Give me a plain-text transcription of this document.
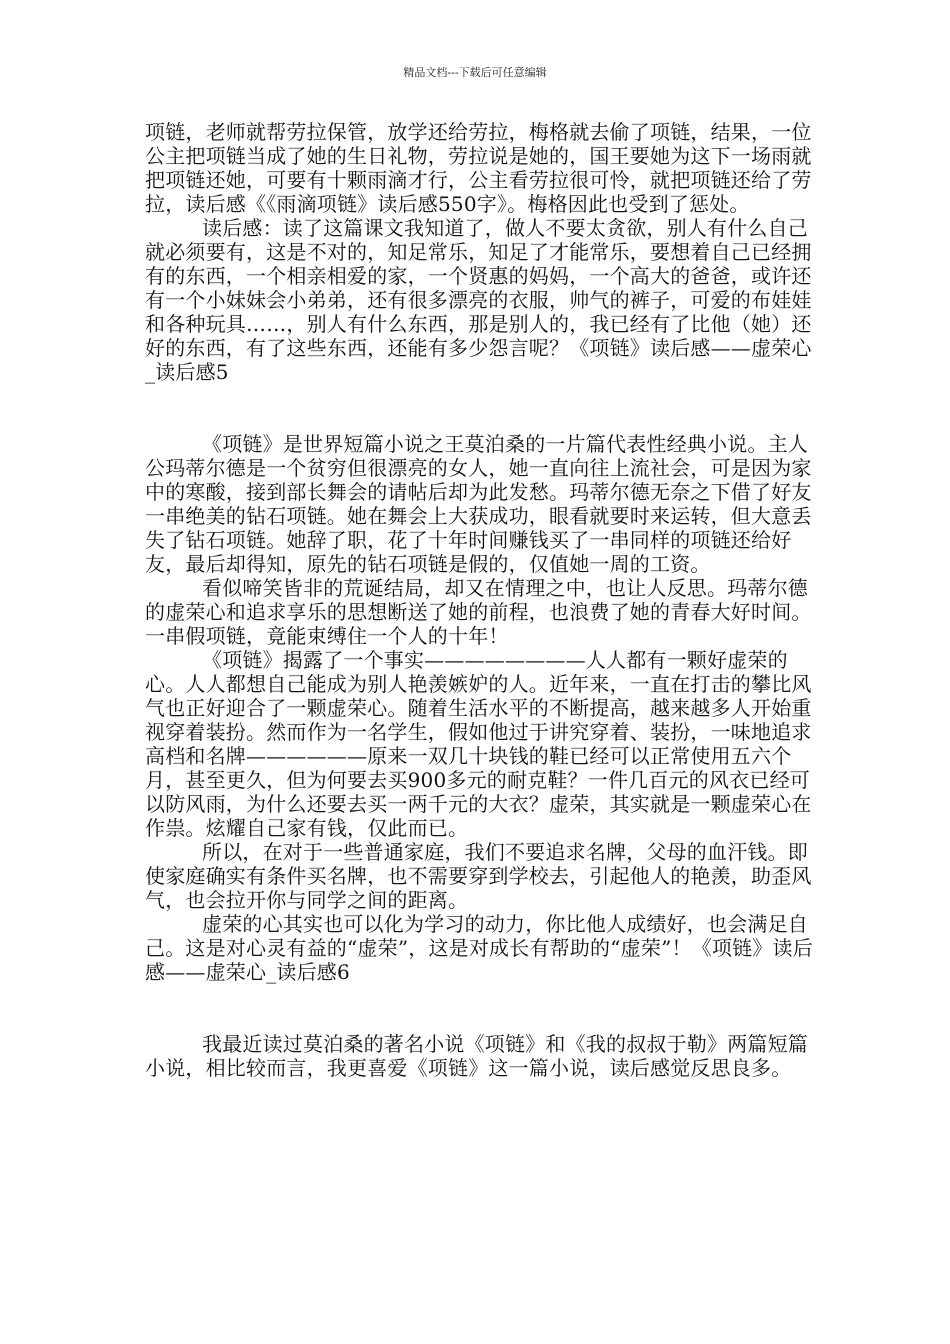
精品文档---下载后可任意编辑

项链，老师就帮劳拉保管，放学还给劳拉，梅格就去偷了项链，结果，一位公主把项链当成了她的生日礼物，劳拉说是她的，国王要她为这下一场雨就把项链还她，可要有十颗雨滴才行，公主看劳拉很可怜，就把项链还给了劳拉，读后感《《雨滴项链》读后感550字》。梅格因此也受到了惩处。

读后感：读了这篇课文我知道了，做人不要太贪欲，别人有什么自己就必须要有，这是不对的，知足常乐，知足了才能常乐，要想着自己已经拥有的东西，一个相亲相爱的家，一个贤惠的妈妈，一个高大的爸爸，或许还有一个小妹妹会小弟弟，还有很多漂亮的衣服，帅气的裤子，可爱的布娃娃和各种玩具……，别人有什么东西，那是别人的，我已经有了比他（她）还好的东西，有了这些东西，还能有多少怨言呢？《项链》读后感——虚荣心_读后感5

《项链》是世界短篇小说之王莫泊桑的一片篇代表性经典小说。主人公玛蒂尔德是一个贫穷但很漂亮的女人，她一直向往上流社会，可是因为家中的寒酸，接到部长舞会的请帖后却为此发愁。玛蒂尔德无奈之下借了好友一串绝美的钻石项链。她在舞会上大获成功，眼看就要时来运转，但大意丢失了钻石项链。她辞了职，花了十年时间赚钱买了一串同样的项链还给好友，最后却得知，原先的钻石项链是假的，仅值她一周的工资。

看似啼笑皆非的荒诞结局，却又在情理之中，也让人反思。玛蒂尔德的虚荣心和追求享乐的思想断送了她的前程，也浪费了她的青春大好时间。一串假项链，竟能束缚住一个人的十年！

《项链》揭露了一个事实————————人人都有一颗好虚荣的心。人人都想自己能成为别人艳羡嫉妒的人。近年来，一直在打击的攀比风气也正好迎合了一颗虚荣心。随着生活水平的不断提高，越来越多人开始重视穿着装扮。然而作为一名学生，假如他过于讲究穿着、装扮，一味地追求高档和名牌——————原来一双几十块钱的鞋已经可以正常使用五六个月，甚至更久，但为何要去买900多元的耐克鞋？一件几百元的风衣已经可以防风雨，为什么还要去买一两千元的大衣？虚荣，其实就是一颗虚荣心在作祟。炫耀自己家有钱，仅此而已。

所以，在对于一些普通家庭，我们不要追求名牌，父母的血汗钱。即使家庭确实有条件买名牌，也不需要穿到学校去，引起他人的艳羡，助歪风气，也会拉开你与同学之间的距离。

虚荣的心其实也可以化为学习的动力，你比他人成绩好，也会满足自己。这是对心灵有益的“虚荣”，这是对成长有帮助的“虚荣”！《项链》读后感——虚荣心_读后感6

我最近读过莫泊桑的著名小说《项链》和《我的叔叔于勒》两篇短篇小说，相比较而言，我更喜爱《项链》这一篇小说，读后感觉反思良多。
